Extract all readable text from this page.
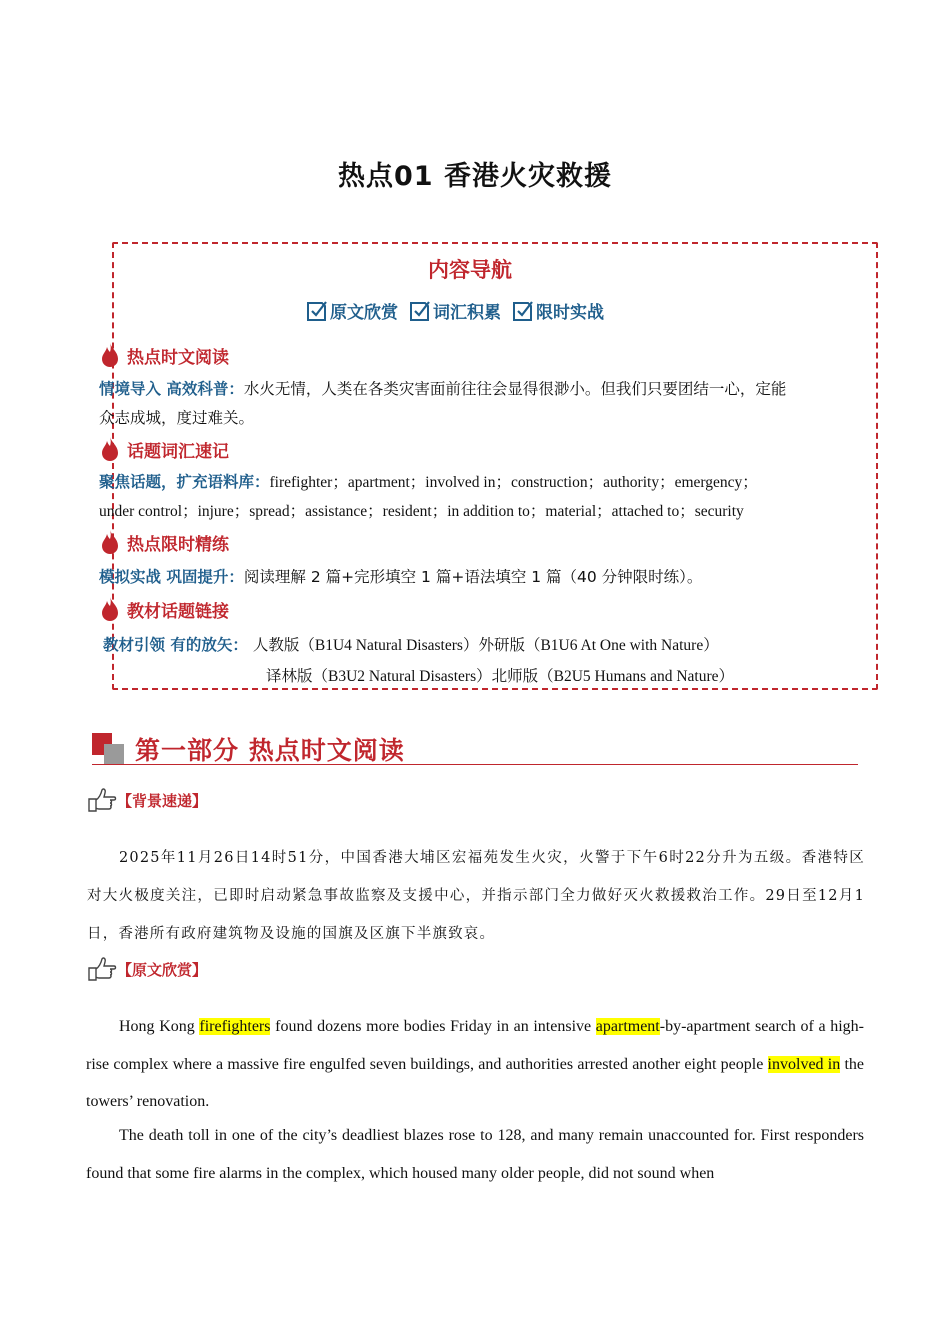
热点01 香港火灾救援
内容导航
原文欣赏 词汇积累 限时实战
热点时文阅读
情境导入 高效科普：水火无情，人类在各类灾害面前往往会显得很渺小。但我们只要团结一心，定能
众志成城，度过难关。
话题词汇速记
聚焦话题，扩充语料库：firefighter；apartment；involved in；construction；authority；emergency；
under control；injure；spread；assistance；resident；in addition to；material；attached to；security
热点限时精练
模拟实战 巩固提升：阅读理解 2 篇+完形填空 1 篇+语法填空 1 篇（40 分钟限时练）。
教材话题链接
教材引领 有的放矢： 人教版（B1U4 Natural Disasters）外研版（B1U6 At One with Nature）
译林版（B3U2 Natural Disasters）北师版（B2U5 Humans and Nature）
第一部分 热点时文阅读
【背景速递】
2025年11月26日14时51分，中国香港大埔区宏福苑发生火灾，火警于下午6时22分升为五级。香港特区对大火极度关注，已即时启动紧急事故监察及支援中心，并指示部门全力做好灭火救援救治工作。29日至12月1日，香港所有政府建筑物及设施的国旗及区旗下半旗致哀。
【原文欣赏】
Hong Kong firefighters found dozens more bodies Friday in an intensive apartment-by-apartment search of a high-rise complex where a massive fire engulfed seven buildings, and authorities arrested another eight people involved in the towers’ renovation.
The death toll in one of the city’s deadliest blazes rose to 128, and many remain unaccounted for. First responders found that some fire alarms in the complex, which housed many older people, did not sound when
